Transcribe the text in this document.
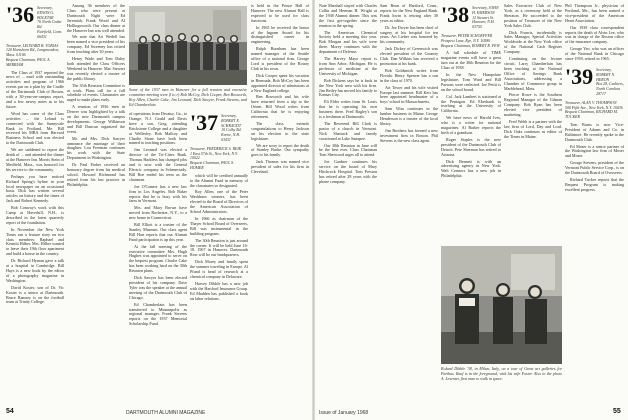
'36 Secretary, EDWIN G. BOLETAR
76 North Cedar Rd.
Fairfield, Conn. 06431
Treasurer, LEONARD B. TOBIAS
120 Hartshorn Rd., Longmeadow, Mass. 01106
Bequest Chairman, PAUL A. MERRIAM

The Class of 1937 reported the news of ... mail with outstanding activities and program of 1966 events put on a plan by the Cradle of the Dartmouth Club of Boston, with a 30-year-on-campus report, and a few newsy notes as to his future.

Word has come of the Class activities ... the Leland is connected with the Sunnyvale Bank in Portland, Me. Bill received his MBA from Harvard Business School and was elected to the Dartmouth Club.

We are saddened to report the death of ... and attended the dinner at the Hanover Inn. Morris Stein of Medfield, Mass., was honored for his service to the community.

Perhaps you have noticed Richard Spring's byline in your local newspaper on an occasional basis. Dick has written several articles on history and the times of Jack and Robert Kennedy.

Bob Conway's work with this Camp at Haverhill, N.H., is described in the latest quarterly report of the foundation.

In November the New York Times ran a feature story on two class members: Raphael and Kermitt Hilber. Mrs. Hilber wanted to leave their 19th floor apartment and build a house in the country.

Dr. Richard Hyman gave a talk at a hospital in Cambridge. Bill Hays is a new book by the editor of a photography magazine in Washington.

David Koster, son of Dr. Vic Koster is a senior at Dartmouth. Bruce Ramsey is on the football team at Trinity College.

Among 36 members of the Class who were present at Dartmouth Night were Ed Jeremiah, Frank Wood and Al Hollingsworth. Our class dinner at the Hanover Inn was well attended.

We note that Art Wedell has been named a vice president of his company. Ed Sweeney has retired from teaching after 30 years.

Henry Wade and Tom Daley both attended the Class Officers Weekend in Hanover. Mac Stewart was recently elected a trustee of the public library.

The 35th Reunion Committee is at work. Plans call for a full schedule of events. Classmates are urged to make plans early.

A reunion of 1936 men in Denver was highlighted by a talk on the new Dartmouth campus developments. George Wilkinson and Bill Duncan organized the event.

Mr. and Mrs. Dick Sawyer announce the marriage of their daughter. Lou Freeman continues his work with the State Department in Washington.

Dr. Paul Parker received an honorary degree from his medical school. Howard Richmond has retired from his law practice in Philadelphia.

Some of the 1937 men in Hanover for a fall reunion and executive committee meeting were (l to r) Bob McCoy, Dick Cooper, Ben Bosworth, Roy Allen, Charlie Cake, Jim Leonard, Dick Sawyer, Frank Stevens, and Ed Chamberlain.

of operations from Decatur, Ga., to Orange, N.J. Gould and Davis have a son, Greg, attending Brickstone College and a daughter at Wellesley. Bob Mallory and Charlie Stone have both been named to teaching positions.

Jim Leonard was elected a director of the Tri-Cities Bank. Thomas Harkless has changed jobs and is now with the General Electric company in Schenectady. Bill Roe ended his term as the chairman.

Joe O'Connor has a new law firm in Los Angeles. Bob Baker reports that he is busy with his farm in Vermont.

Mrs. and Mary Brown have moved from Rochester, N.Y., to a new home in Connecticut.

Bill Elliott is a trustee of the Stanley Museum. Our class agent Bill Hart reports that our Alumni Fund participation is up this year.

At the fall meeting of the executive committee Mrs. Hugh Hughes was appointed to serve on the bequest program. Charlie Cake has been working hard on the 30th Reunion plans.

Dick Sawyer has been elected president of his company. Dave Tyler was the speaker at the annual meeting of the Dartmouth Club of Chicago.

Ed Chamberlain has been transferred to Minneapolis as regional manager. Frank Stevens reports on the 1937 Memorial Scholarship Fund.

'37 Secretary, ROBERT E. SCHRAUDT
10 Colby Rd.
Keene, N.H. 03431
Treasurer, FREDERICK S. REIK
1 East 57th St., New York, N.Y. 10022
Bequest Chairman, PAUL S. HOMER

which will be credited annually to the Alumni Fund in memory of the classmates so designated.

Roy Allen, one of the Peter Washburn winners, has been elected to the Board of Directors of the American Association of School Administrators.

In 1966 as chairman of the Thayer School Board of Overseers, Bill was instrumental in the building program.

The 30th Reunion is just around the corner. It will be held June 16-18, 1967 in Hanover. Dartmouth Row will be our headquarters.

Dick Morey and family spent the summer traveling in Europe. Al Pfund is head of research at a chemical company in Delaware.

Harvey Dibble has a new job with the Hartford Insurance Group. Ed Madden has published a book on labor relations.

is held in the Prince Hall of Hanover. The new Alumni Hall is expected to be used for class functions.

In 1965 he received the honor of the Ingram Award for his distinguished career in engineering.

Ralph Burnham has been named manager of the Seattle office of a national firm. George Lord is president of the Rotary Club in his town.

Dick Cooper spent his vacation in Bermuda. Bob McCoy has been appointed director of admissions at a New England college.

Ben Bosworth and his wife have returned from a trip to the Orient. Bill Wood writes from California that he is enjoying retirement.

The class extends congratulations to Henry Jackson on his election to the state legislature.

We are sorry to report the death of Stanley Burke. Our sympathy goes to his family.

Jack Thomas was named vice president of sales for his firm in Cleveland.

54	DARTMOUTH ALUMNI MAGAZINE

Nate Marshall stayed with Charles Collin and Herman H. Wright at the 1938 Alumni dinner. This was the first get-together since the reunion in the spring.

The American Chemical Society held a meeting this year. Bob Morgan and his wife were there. Morey continues with the department of Defense.

The Harvey Mayo report is from Ann Arbor, Michigan. He is professor of medicine at the University of Michigan.

Bob Dickens says he is back in the New York area with his firm. Jim Reiley has moved his family to Kansas City.

Eli Elder writes from St. Louis that he is operating his own business there. Fred Bagley's son is a freshman at Dartmouth.

The Reverend Bill Clark is pastor of a church in Vermont. Nick Shattuck and family vacationed at Lake Sunapee.

Our 30th Reunion in June will be the best ever. Class Chairman Tom Sherwood urges all to attend.

Joe Gardner continues his service on the board of Mary Hitchcock Hospital. Tom Preston has retired after 28 years with the phone company.

Sam Bean of Hartford, Conn., reports for the New England Bank. Frank Irwin is retiring after 30 years as editor.

Dr. Joe Dwyer has been chief of surgery at his hospital for ten years. Art Lieber was honored by his community.

Jack Dickey of Greenwich was elected president of the Country Club. Dan Wilkins has received a promotion at his bank.

Bob Goldsmith writes from Florida. Henry Spencer has a son in the class of 1970.

Art Tower and his wife visited Europe last summer. Bill Kerr has been appointed headmaster of a boys' school in Massachusetts.

Sam Vilas continues in the lumber business in Maine. George Henderson is a trustee of the local library.

Jim Brothers has formed a new investment firm in Boston. Phil Stevens is the new class agent.

'38 Secretary, JOHN H. EMERSON
12 Stewart St.
Hanover, N.H. 03755
Treasurer, PETER SCHOEFFER
Prospect Lane, Rye, N.Y. 10580
Bequest Chairman, ROBERT R. FEW

A full schedule of TIME magazine events will have a great turn out at the 30th Reunion for the Class of 1938.

In the New Hampshire legislature, Tom Ward and Bill Parsons were reelected. Joe Pettit is on the school board.

Col. Jack Lambert is stationed at the Pentagon. Ed Eberhardt is teaching at the University of California.

We have news of Harold Ives, who is a writer for national magazines. Al Barker reports the birth of a grandson.

Roger Staples is the new president of the Dartmouth Club of Detroit. Pete Sherman has retired to Arizona.

Dick Bennett is with an advertising agency in New York. Walt Connors has a new job in Philadelphia.

Sales Executive Club of New York, as a ceremony held at the Sheraton. He succeeded to the position of Treasurer of the New York Sales Club.

Dick Francis, incidentally is Sales Manager, Special Activities Worldwide at the New York office of the National Cash Register Company.

Continuing on the lecture circuit, Larry Chamberlain has been teaching at the National Office of Savings Bank Associations, addressing a Chamber of Commerce group in Marblehead, Mass.

Pierce Rowe is the Southern Regional Manager of the Gilman Company. Bob Ryan has been elected vice president of marketing.

Fred Webb is a partner with the law firm of Lord, Day and Lord. Dick Oaks continues as editor of the Times in Maine.

Roland Dibble '38, in Milan, Italy, on a tour of Great art galleries for Paribas. Rauf is in the foreground, with his wife Foster. Also in the photo A. Lesenter, first man to walk in space.

Phil Thompson Jr., physician of Portland, Me., has been named a vice-president of the American Heart Association.

Our 1939 class correspondent reports the death of Alvin Lee, who was in charge of the Boston office of the insurance company.

George Yeo, who was an officer of the National Bank in Chicago since 1939, retired in 1965.

'39 Secretary, ROBERT N. HERON
Box 28, Cashiers, North Carolina
28717
Treasurer, ALAN V. THOMPSON
500 Fifth Ave., New York, N.Y. 10036
Bequest Chairman, RICHARD M. TUCKER

Tom Burns is now Vice-President of Adams and Co. in Baltimore. He recently spoke to the Dartmouth Club.

Ed Moser is a senior partner of the Washington law firm of Moser and Moser.

George Stevens, president of the Vermont Public Service Corp., is on the Dartmouth Board of Overseers.

Richard Tucker reports that the Bequest Program is making excellent progress.

Issue of January 1968	55
